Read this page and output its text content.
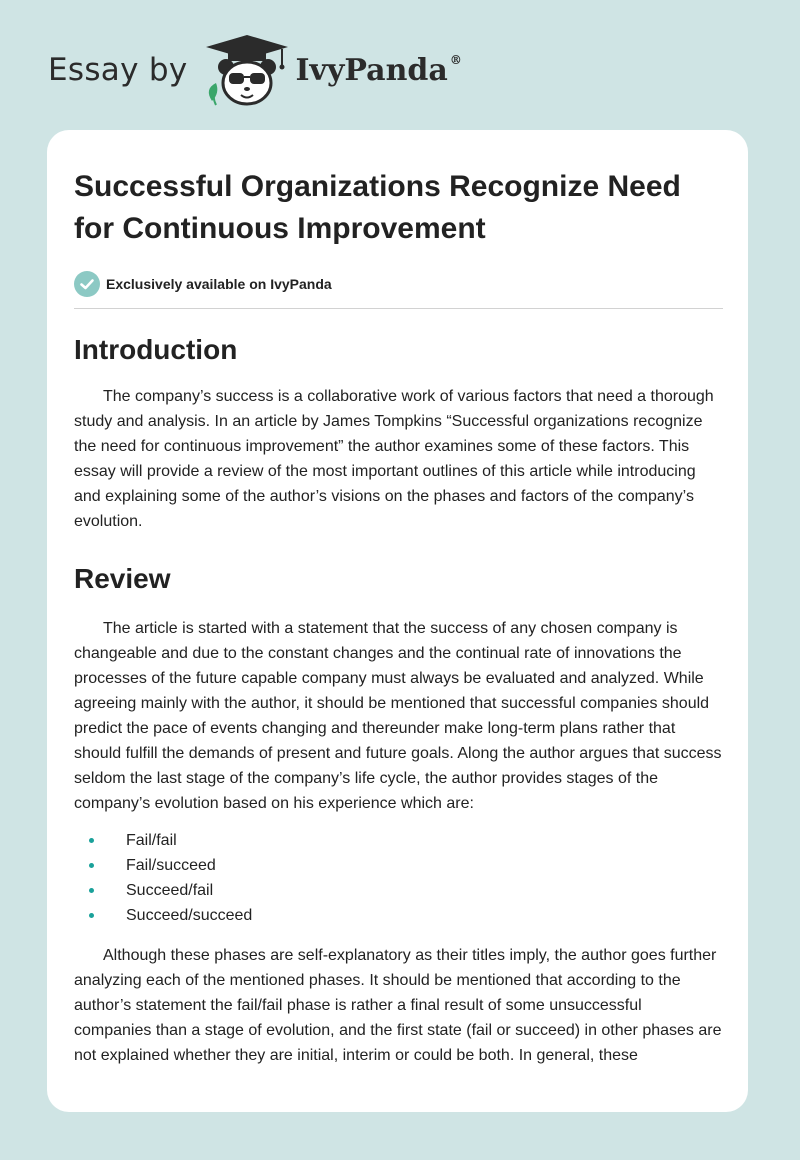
Essay by	IvyPanda ®
Successful Organizations Recognize Need for Continuous Improvement
Exclusively available on IvyPanda
Introduction

The company’s success is a collaborative work of various factors that need a thorough study and analysis. In an article by James Tompkins “Successful organizations recognize the need for continuous improvement” the author examines some of these factors. This essay will provide a review of the most important outlines of this article while introducing and explaining some of the author’s visions on the phases and factors of the company’s evolution.

Review

The article is started with a statement that the success of any chosen company is changeable and due to the constant changes and the continual rate of innovations the processes of the future capable company must always be evaluated and analyzed. While agreeing mainly with the author, it should be mentioned that successful companies should predict the pace of events changing and thereunder make long-term plans rather that should fulfill the demands of present and future goals. Along the author argues that success seldom the last stage of the company’s life cycle, the author provides stages of the company’s evolution based on his experience which are:

Fail/fail
Fail/succeed
Succeed/fail
Succeed/succeed

Although these phases are self-explanatory as their titles imply, the author goes further analyzing each of the mentioned phases. It should be mentioned that according to the author’s statement the fail/fail phase is rather a final result of some unsuccessful companies than a stage of evolution, and the first state (fail or succeed) in other phases are not explained whether they are initial, interim or could be both. In general, these
